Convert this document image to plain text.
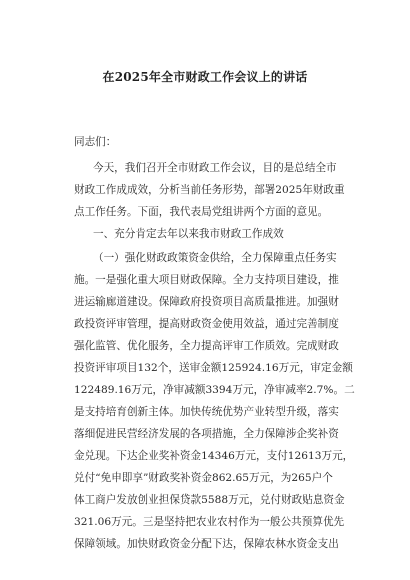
在2025年全市财政工作会议上的讲话
同志们：
今天，我们召开全市财政工作会议，目的是总结全市
财政工作成成效，分析当前任务形势，部署2025年财政重
点工作任务。下面，我代表局党组讲两个方面的意见。
一、充分肯定去年以来我市财政工作成效
（一）强化财政政策资金供给，全力保障重点任务实
施。一是强化重大项目财政保障。全力支持项目建设，推
进运输廊道建设。保障政府投资项目高质量推进。加强财
政投资评审管理，提高财政资金使用效益，通过完善制度
强化监管、优化服务，全力提高评审工作质效。完成财政
投资评审项目132个，送审金额125924.16万元，审定金额
122489.16万元，净审减额3394万元，净审减率2.7%。二
是支持培育创新主体。加快传统优势产业转型升级，落实
落细促进民营经济发展的各项措施，全力保障涉企奖补资
金兑现。下达企业奖补资金14346万元，支付12613万元，
兑付“免申即享”财政奖补资金862.65万元，为265户个
体工商户发放创业担保贷款5588万元，兑付财政贴息资金
321.06万元。三是坚持把农业农村作为一般公共预算优先
保障领域。加快财政资金分配下达，保障农林水资金支出
